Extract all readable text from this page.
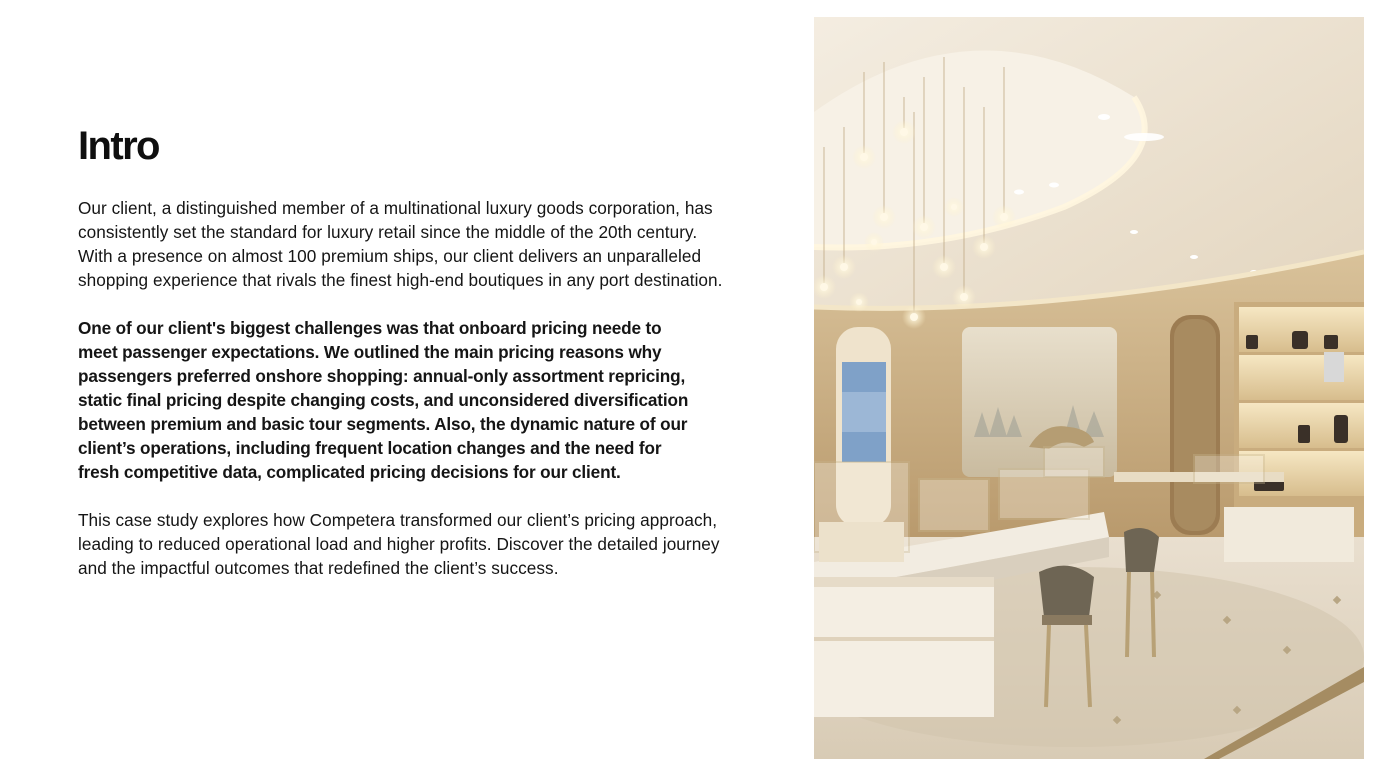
Intro

Our client, a distinguished member of a multinational luxury goods corporation, has consistently set the standard for luxury retail since the middle of the 20th century. With a presence on almost 100 premium ships, our client delivers an unparalleled shopping experience that rivals the finest high-end boutiques in any port destination.

One of our client's biggest challenges was that onboard pricing neede to meet passenger expectations. We outlined the main pricing reasons why passengers preferred onshore shopping: annual-only assortment repricing, static final pricing despite changing costs, and unconsidered diversification between premium and basic tour segments. Also, the dynamic nature of our client’s operations, including frequent location changes and the need for fresh competitive data, complicated pricing decisions for our client.

This case study explores how Competera transformed our client’s pricing approach, leading to reduced operational load and higher profits. Discover the detailed journey and the impactful outcomes that redefined the client’s success.
